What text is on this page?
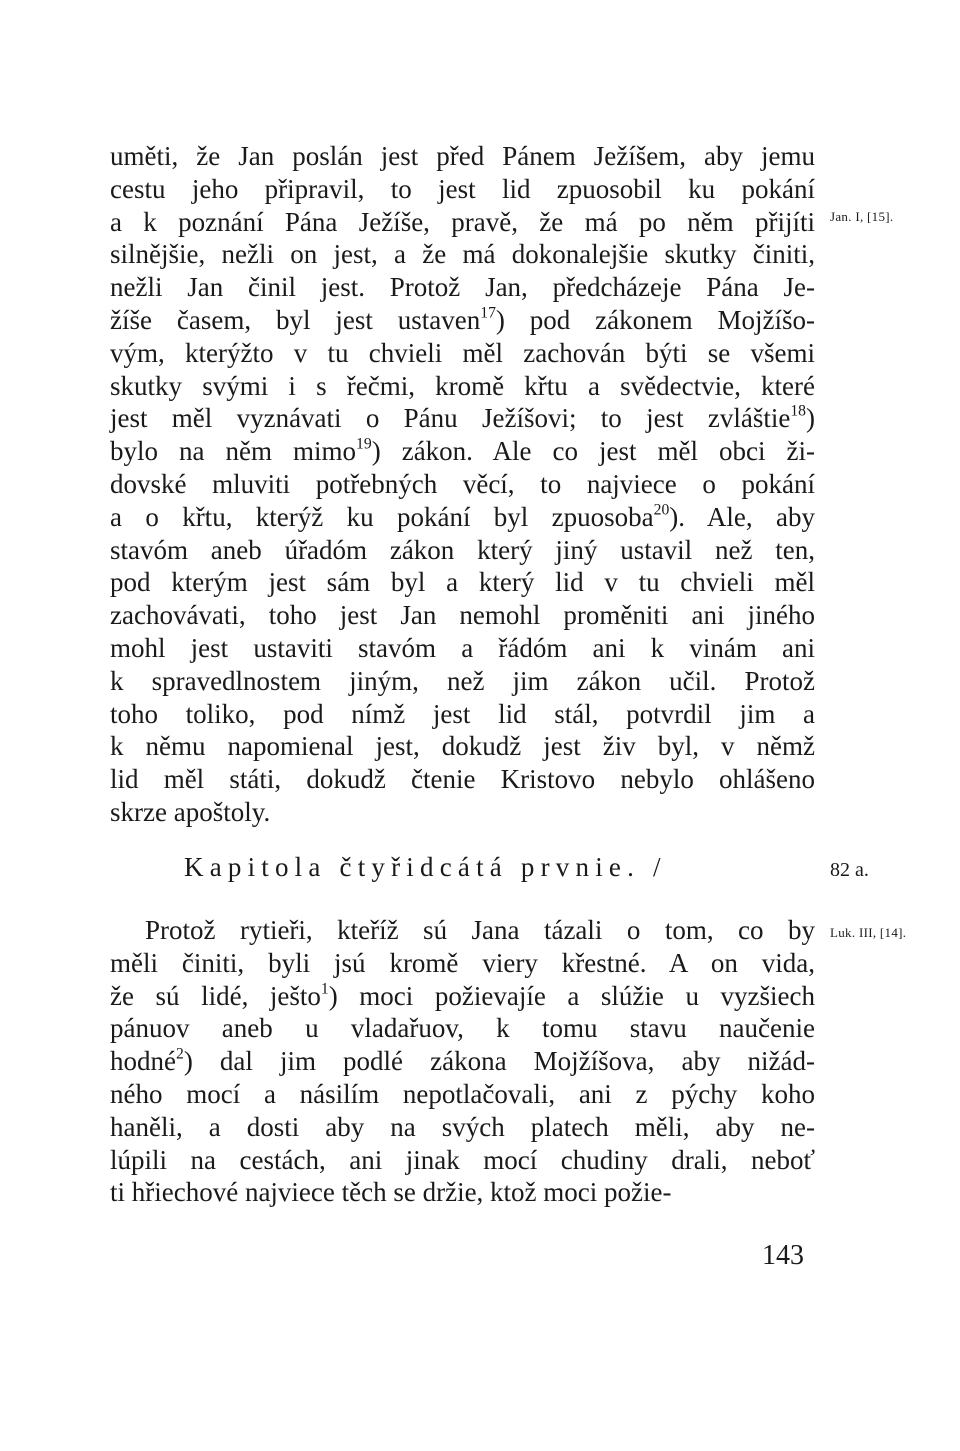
uměti, že Jan poslán jest před Pánem Ježíšem, aby jemu
cestu jeho připravil, to jest lid zpuosobil ku pokání
a k poznání Pána Ježíše, pravě, že má po něm přijíti
silnějšie, nežli on jest, a že má dokonalejšie skutky činiti,
nežli Jan činil jest. Protož Jan, předcházeje Pána Je-
žíše časem, byl jest ustaven$^{17}$) pod zákonem Mojžíšo-
vým, kterýžto v tu chvieli měl zachován býti se všemi
skutky svými i s řečmi, kromě křtu a svědectvie, které
jest měl vyznávati o Pánu Ježíšovi; to jest zvláštie$^{18}$)
bylo na něm mimo$^{19}$) zákon. Ale co jest měl obci ži-
dovské mluviti potřebných věcí, to najviece o pokání
a o křtu, kterýž ku pokání byl zpuosoba$^{20}$). Ale, aby
stavóm aneb úřadóm zákon který jiný ustavil než ten,
pod kterým jest sám byl a který lid v tu chvieli měl
zachovávati, toho jest Jan nemohl proměniti ani jiného
mohl jest ustaviti stavóm a řádóm ani k vinám ani
k spravedlnostem jiným, než jim zákon učil. Protož
toho toliko, pod nímž jest lid stál, potvrdil jim a
k němu napomienal jest, dokudž jest živ byl, v němž
lid měl státi, dokudž čtenie Kristovo nebylo ohlášeno
skrze apoštoly.
Jan. I, [15].
Kapitola čtyřidcátá prvnie. /	82 a.
Protož rytieři, kteříž sú Jana tázali o tom, co by
měli činiti, byli jsú kromě viery křestné. A on vida,
že sú lidé, ješto$^1$) moci požievajíe a slúžie u vyzšiech
pánuov aneb u vladařuov, k tomu stavu naučenie
hodné$^2$) dal jim podlé zákona Mojžíšova, aby nižád-
ného mocí a násilím nepotlačovali, ani z pýchy koho
haněli, a dosti aby na svých platech měli, aby ne-
lúpili na cestách, ani jinak mocí chudiny drali, neboť
ti hřiechové najviece těch se držie, ktož moci požie-
Luk. III, [14].
143
